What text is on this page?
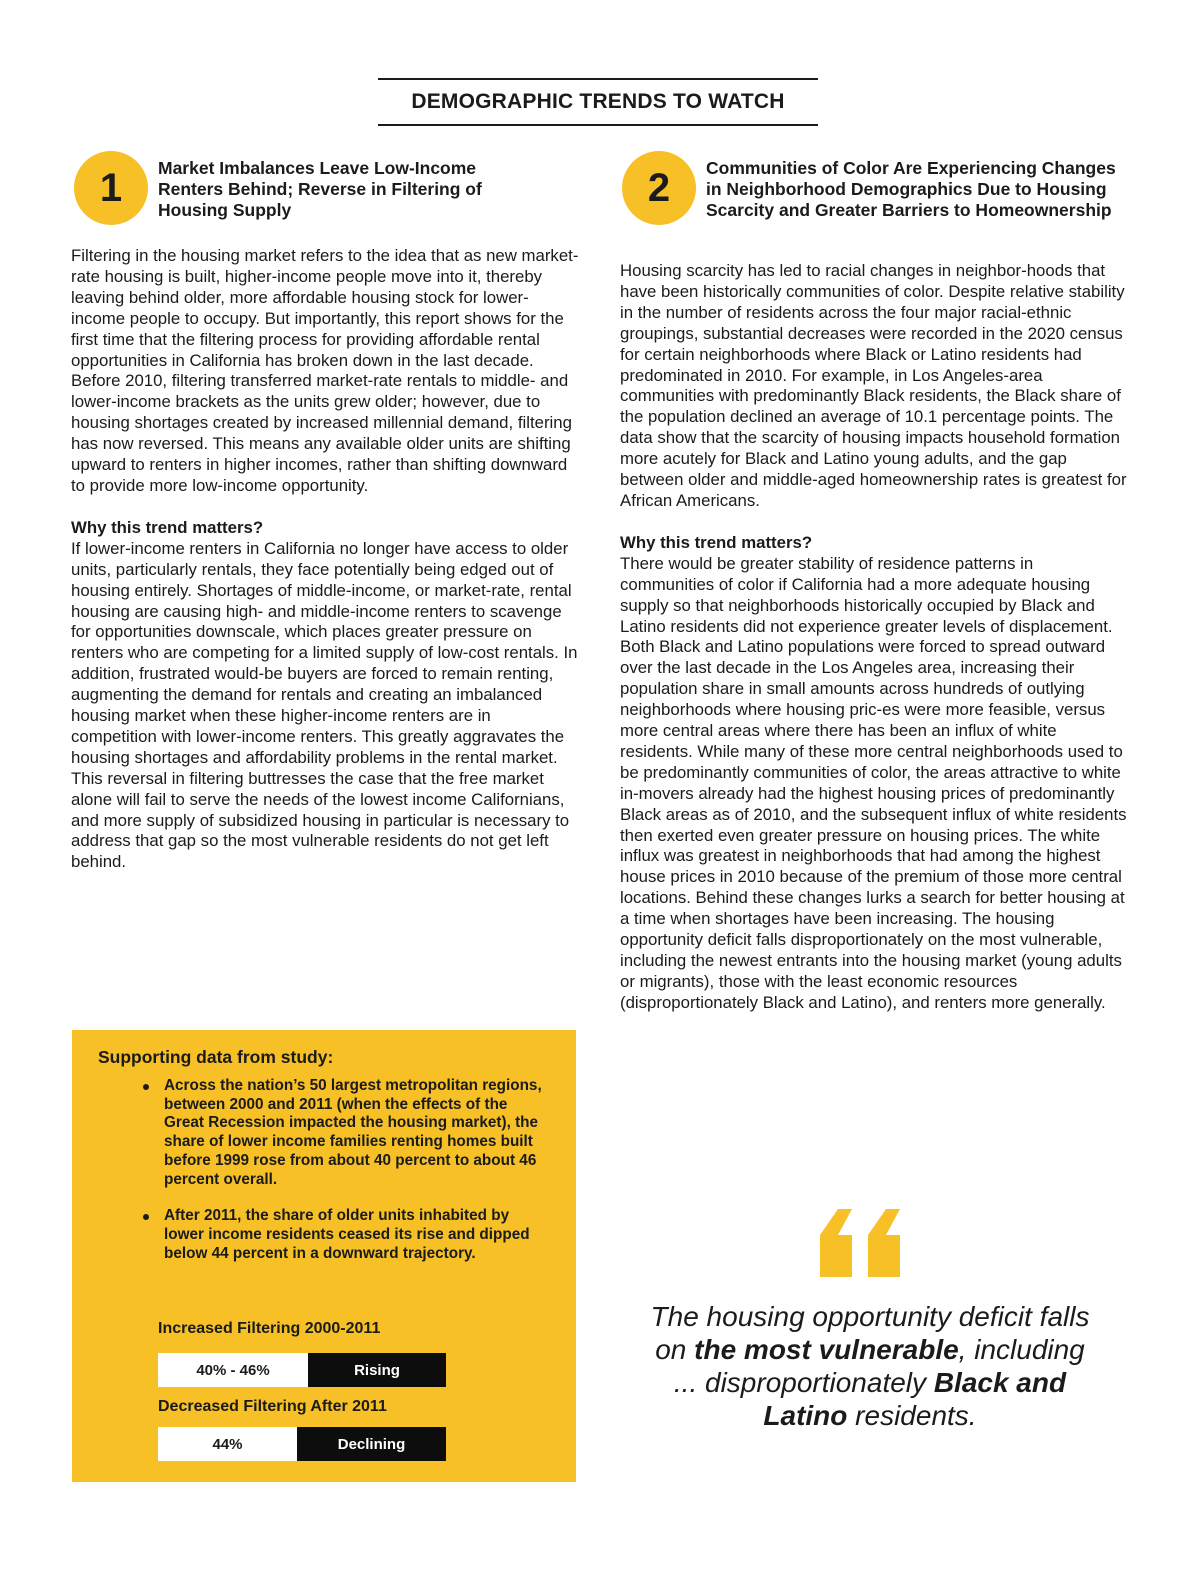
DEMOGRAPHIC TRENDS TO WATCH
1	Market Imbalances Leave Low-Income Renters Behind; Reverse in Filtering of Housing Supply

Filtering in the housing market refers to the idea that as new market-rate housing is built, higher-income people move into it, thereby leaving behind older, more affordable housing stock for lower-income people to occupy. But importantly, this report shows for the first time that the filtering process for providing affordable rental opportunities in California has broken down in the last decade. Before 2010, filtering transferred market-rate rentals to middle- and lower-income brackets as the units grew older; however, due to housing shortages created by increased millennial demand, filtering has now reversed. This means any available older units are shifting upward to renters in higher incomes, rather than shifting downward to provide more low-income opportunity.

Why this trend matters?

If lower-income renters in California no longer have access to older units, particularly rentals, they face potentially being edged out of housing entirely. Shortages of middle-income, or market-rate, rental housing are causing high- and middle-income renters to scavenge for opportunities downscale, which places greater pressure on renters who are competing for a limited supply of low-cost rentals. In addition, frustrated would-be buyers are forced to remain renting, augmenting the demand for rentals and creating an imbalanced housing market when these higher-income renters are in competition with lower-income renters. This greatly aggravates the housing shortages and affordability problems in the rental market. This reversal in filtering buttresses the case that the free market alone will fail to serve the needs of the lowest income Californians, and more supply of subsidized housing in particular is necessary to address that gap so the most vulnerable residents do not get left behind.

2	Communities of Color Are Experiencing Changes in Neighborhood Demographics Due to Housing Scarcity and Greater Barriers to Homeownership

Housing scarcity has led to racial changes in neighbor-hoods that have been historically communities of color. Despite relative stability in the number of residents across the four major racial-ethnic groupings, substantial decreases were recorded in the 2020 census for certain neighborhoods where Black or Latino residents had predominated in 2010. For example, in Los Angeles-area communities with predominantly Black residents, the Black share of the population declined an average of 10.1 percentage points. The data show that the scarcity of housing impacts household formation more acutely for Black and Latino young adults, and the gap between older and middle-aged homeownership rates is greatest for African Americans.

Why this trend matters?

There would be greater stability of residence patterns in communities of color if California had a more adequate housing supply so that neighborhoods historically occupied by Black and Latino residents did not experience greater levels of displacement. Both Black and Latino populations were forced to spread outward over the last decade in the Los Angeles area, increasing their population share in small amounts across hundreds of outlying neighborhoods where housing pric-es were more feasible, versus more central areas where there has been an influx of white residents. While many of these more central neighborhoods used to be predominantly communities of color, the areas attractive to white in-movers already had the highest housing prices of predominantly Black areas as of 2010, and the subsequent influx of white residents then exerted even greater pressure on housing prices. The white influx was greatest in neighborhoods that had among the highest house prices in 2010 because of the premium of those more central locations. Behind these changes lurks a search for better housing at a time when shortages have been increasing. The housing opportunity deficit falls disproportionately on the most vulnerable, including the newest entrants into the housing market (young adults or migrants), those with the least economic resources (disproportionately Black and Latino), and renters more generally.

Supporting data from study:

Across the nation’s 50 largest metropolitan regions, between 2000 and 2011 (when the effects of the Great Recession impacted the housing market), the share of lower income families renting homes built before 1999 rose from about 40 percent to about 46 percent overall.
After 2011, the share of older units inhabited by lower income residents ceased its rise and dipped below 44 percent in a downward trajectory.

Increased Filtering 2000-2011

40% - 46%	Rising

Decreased Filtering After 2011

44%	Declining

The housing opportunity deficit falls on the most vulnerable, including ... disproportionately Black and Latino residents.
